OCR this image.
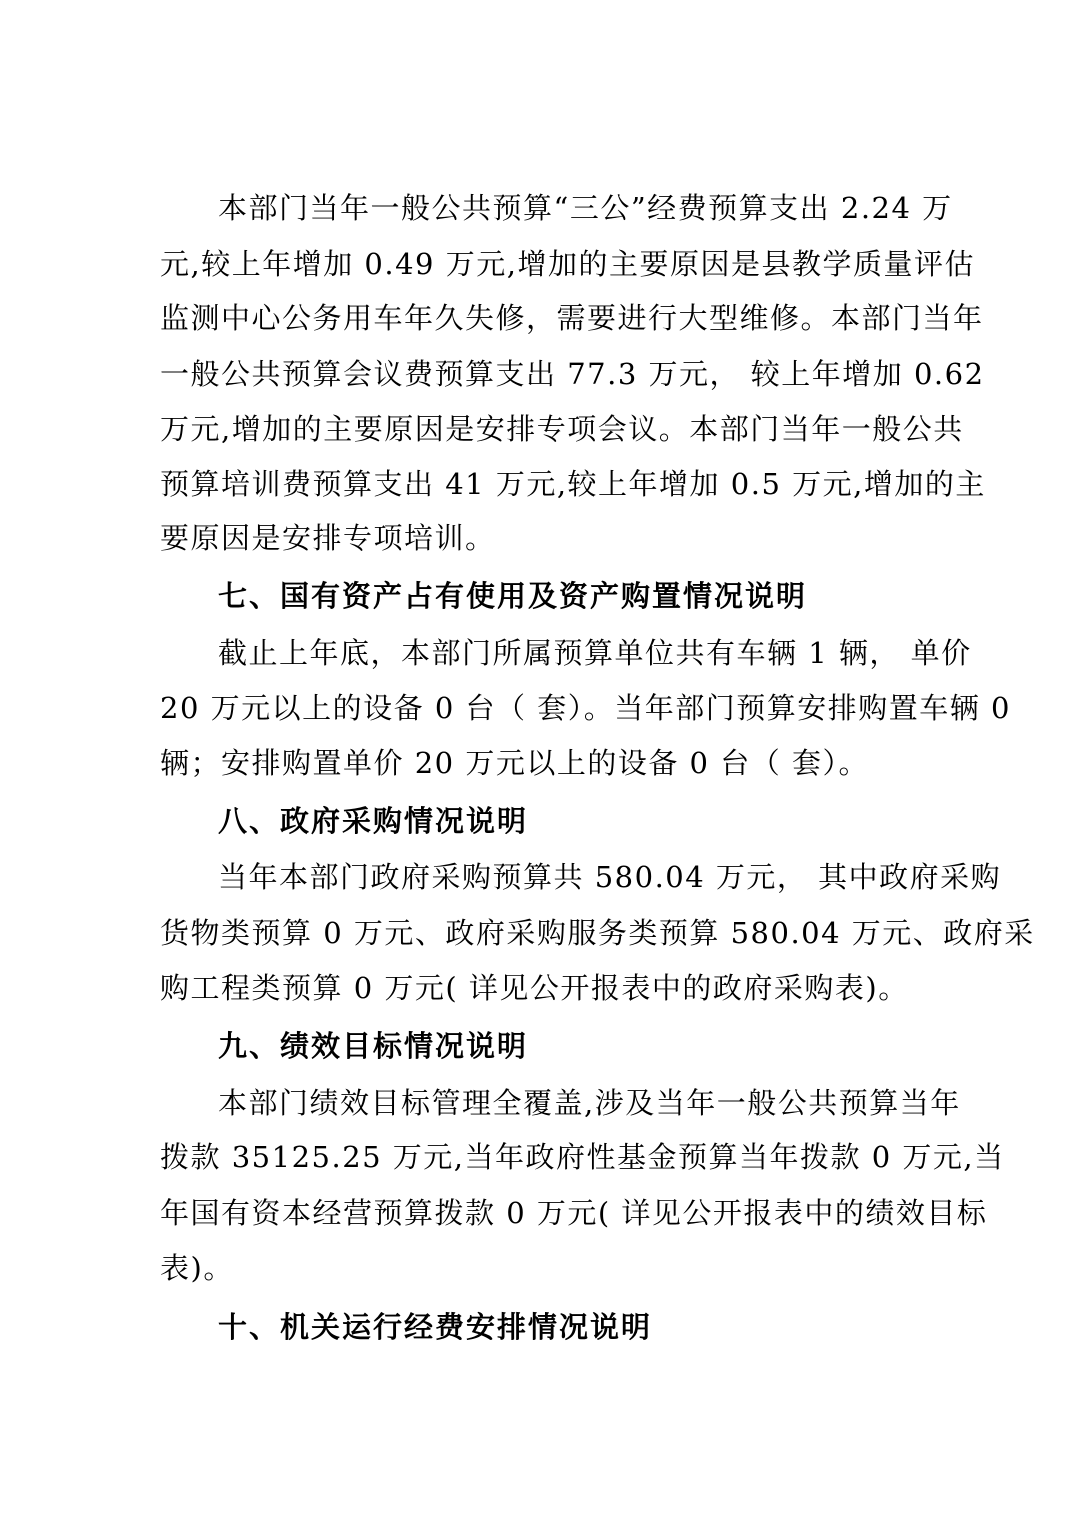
本部门当年一般公共预算“三公”经费预算支出 2.24 万
元,较上年增加 0.49 万元,增加的主要原因是县教学质量评估
监测中心公务用车年久失修，需要进行大型维修。本部门当年
一般公共预算会议费预算支出 77.3 万元， 较上年增加 0.62
万元,增加的主要原因是安排专项会议。本部门当年一般公共
预算培训费预算支出 41 万元,较上年增加 0.5 万元,增加的主
要原因是安排专项培训。
七、国有资产占有使用及资产购置情况说明
截止上年底，本部门所属预算单位共有车辆 1 辆， 单价
20 万元以上的设备 0 台（ 套）。当年部门预算安排购置车辆 0
辆；安排购置单价 20 万元以上的设备 0 台（ 套）。
八、政府采购情况说明
当年本部门政府采购预算共 580.04 万元， 其中政府采购
货物类预算 0 万元、政府采购服务类预算 580.04 万元、政府采
购工程类预算 0 万元( 详见公开报表中的政府采购表)。
九、绩效目标情况说明
本部门绩效目标管理全覆盖,涉及当年一般公共预算当年
拨款 35125.25 万元,当年政府性基金预算当年拨款 0 万元,当
年国有资本经营预算拨款 0 万元( 详见公开报表中的绩效目标
表)。
十、机关运行经费安排情况说明
